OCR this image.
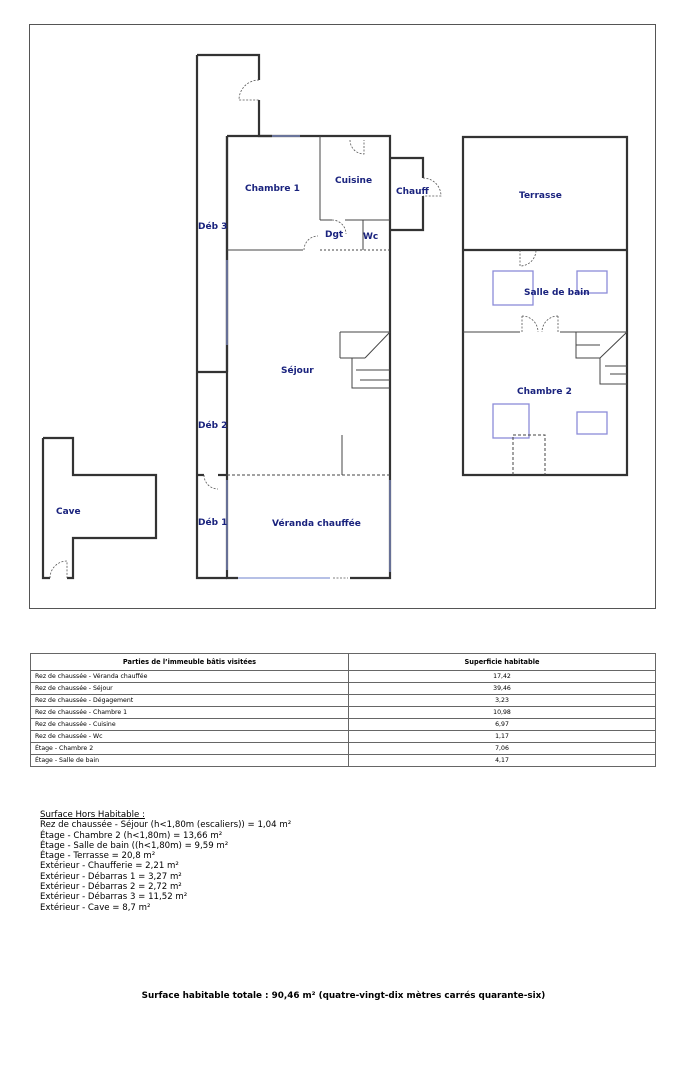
Chambre 1
Cuisine
Chauff
Déb 3
Dgt Wc
Séjour
Déb 2
Déb 1	Véranda chauffée
Cave
Terrasse
Salle de bain
Chambre 2
Parties de l’immeuble bâtis visitées	Superficie habitable
Rez de chaussée - Véranda chauffée	17,42
Rez de chaussée - Séjour	39,46
Rez de chaussée - Dégagement	3,23
Rez de chaussée - Chambre 1	10,98
Rez de chaussée - Cuisine	6,97
Rez de chaussée - Wc	1,17
Étage - Chambre 2	7,06
Étage - Salle de bain	4,17
Surface Hors Habitable :
Rez de chaussée - Séjour (h<1,80m (escaliers)) = 1,04 m²
Étage - Chambre 2 (h<1,80m) = 13,66 m²
Étage - Salle de bain ((h<1,80m) = 9,59 m²
Étage - Terrasse = 20,8 m²
Extérieur - Chaufferie = 2,21 m²
Extérieur - Débarras 1 = 3,27 m²
Extérieur - Débarras 2 = 2,72 m²
Extérieur - Débarras 3 = 11,52 m²
Extérieur - Cave = 8,7 m²
Surface habitable totale : 90,46 m² (quatre-vingt-dix mètres carrés quarante-six)
